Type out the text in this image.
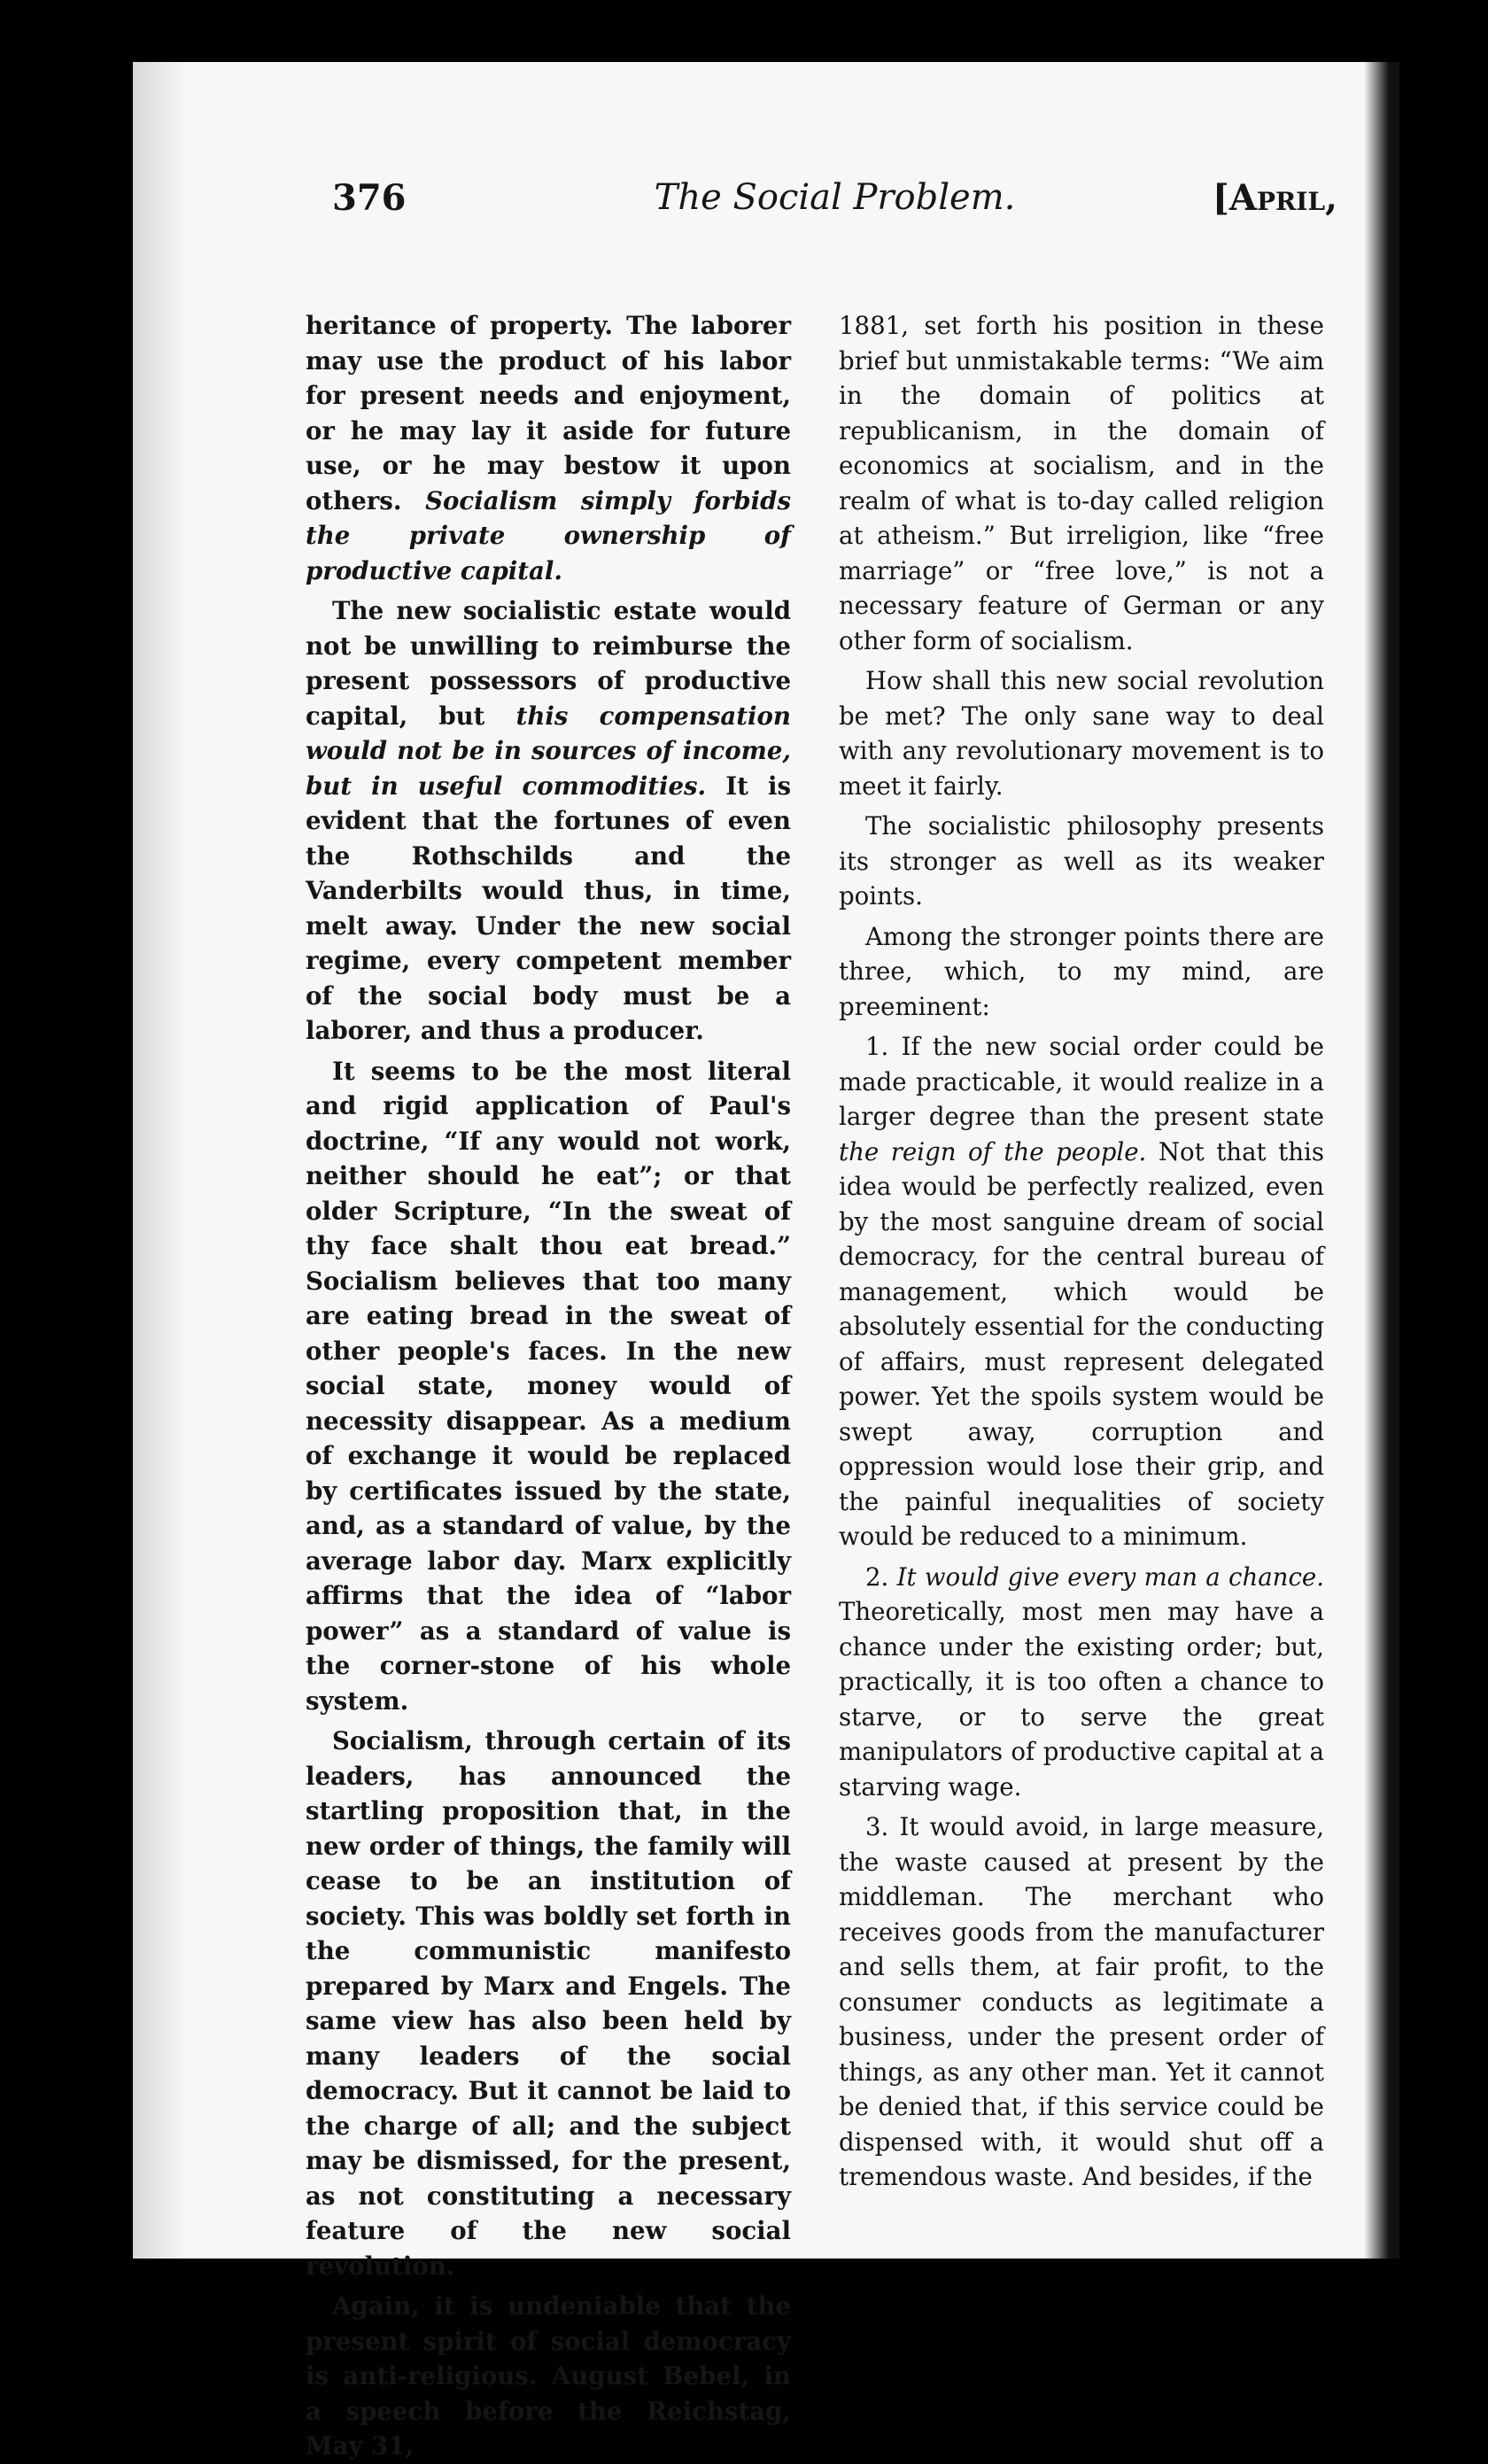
376	The Social Problem.	[April,

heritance of property. The laborer may use the product of his labor for present needs and enjoyment, or he may lay it aside for future use, or he may bestow it upon others. Socialism simply forbids the private ownership of productive capital.

The new socialistic estate would not be unwilling to reimburse the present possessors of productive capital, but this compensation would not be in sources of income, but in useful commodities. It is evident that the fortunes of even the Rothschilds and the Vanderbilts would thus, in time, melt away. Under the new social regime, every competent member of the social body must be a laborer, and thus a producer.

It seems to be the most literal and rigid application of Paul's doctrine, “If any would not work, neither should he eat”; or that older Scripture, “In the sweat of thy face shalt thou eat bread.” Socialism believes that too many are eating bread in the sweat of other people's faces. In the new social state, money would of necessity disappear. As a medium of exchange it would be replaced by certificates issued by the state, and, as a standard of value, by the average labor day. Marx explicitly affirms that the idea of “labor power” as a standard of value is the corner-stone of his whole system.

Socialism, through certain of its leaders, has announced the startling proposition that, in the new order of things, the family will cease to be an institution of society. This was boldly set forth in the communistic manifesto prepared by Marx and Engels. The same view has also been held by many leaders of the social democracy. But it cannot be laid to the charge of all; and the subject may be dismissed, for the present, as not constituting a necessary feature of the new social revolution.

Again, it is undeniable that the present spirit of social democracy is anti-religious. August Bebel, in a speech before the Reichstag, May 31,

1881, set forth his position in these brief but unmistakable terms: “We aim in the domain of politics at republicanism, in the domain of economics at socialism, and in the realm of what is to-day called religion at atheism.” But irreligion, like “free marriage” or “free love,” is not a necessary feature of German or any other form of socialism.

How shall this new social revolution be met? The only sane way to deal with any revolutionary movement is to meet it fairly.

The socialistic philosophy presents its stronger as well as its weaker points.

Among the stronger points there are three, which, to my mind, are preeminent:

1. If the new social order could be made practicable, it would realize in a larger degree than the present state the reign of the people. Not that this idea would be perfectly realized, even by the most sanguine dream of social democracy, for the central bureau of management, which would be absolutely essential for the conducting of affairs, must represent delegated power. Yet the spoils system would be swept away, corruption and oppression would lose their grip, and the painful inequalities of society would be reduced to a minimum.

2. It would give every man a chance. Theoretically, most men may have a chance under the existing order; but, practically, it is too often a chance to starve, or to serve the great manipulators of productive capital at a starving wage.

3. It would avoid, in large measure, the waste caused at present by the middleman. The merchant who receives goods from the manufacturer and sells them, at fair profit, to the consumer conducts as legitimate a business, under the present order of things, as any other man. Yet it cannot be denied that, if this service could be dispensed with, it would shut off a tremendous waste. And besides, if the
